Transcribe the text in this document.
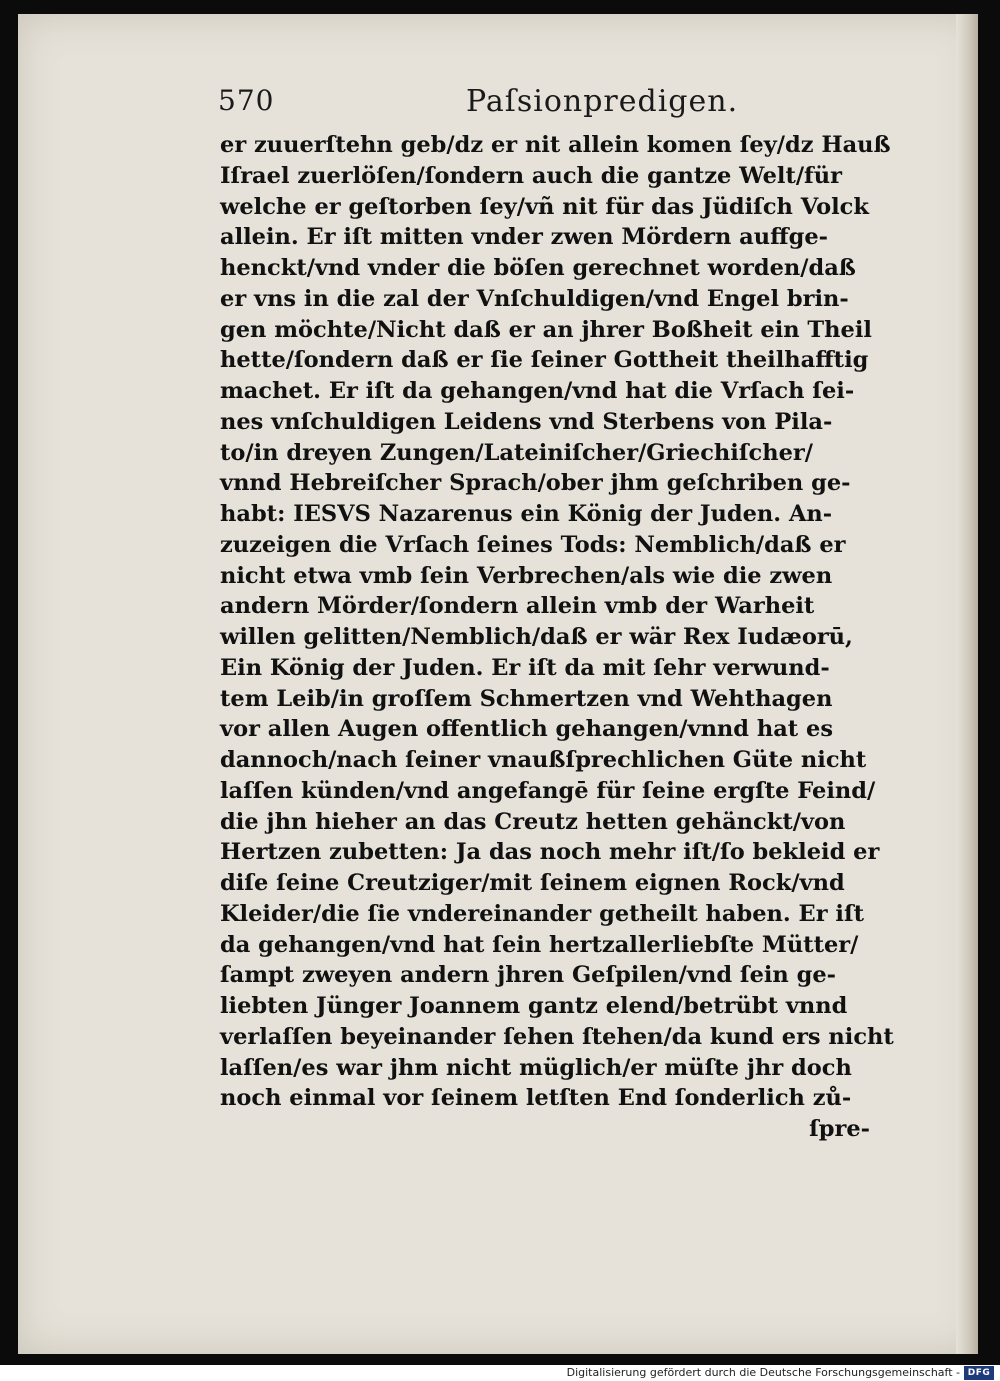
570	Paſsionpredigen.
er zuuerſtehn geb/dz er nit allein komen ſey/dz Hauß
Iſrael zuerlöſen/ſondern auch die gantze Welt/für
welche er geſtorben ſey/vñ nit für das Jüdiſch Volck
allein. Er iſt mitten vnder zwen Mördern auffge-
henckt/vnd vnder die böſen gerechnet worden/daß
er vns in die zal der Vnſchuldigen/vnd Engel brin-
gen möchte/Nicht daß er an jhrer Boßheit ein Theil
hette/ſondern daß er ſie ſeiner Gottheit theilhafftig
machet. Er iſt da gehangen/vnd hat die Vrſach ſei-
nes vnſchuldigen Leidens vnd Sterbens von Pila-
to/in dreyen Zungen/Lateiniſcher/Griechiſcher/
vnnd Hebreiſcher Sprach/ober jhm geſchriben ge-
habt: IESVS Nazarenus ein König der Juden. An-
zuzeigen die Vrſach ſeines Tods: Nemblich/daß er
nicht etwa vmb ſein Verbrechen/als wie die zwen
andern Mörder/ſondern allein vmb der Warheit
willen gelitten/Nemblich/daß er wär Rex Iudæorū,
Ein König der Juden. Er iſt da mit ſehr verwund-
tem Leib/in groſſem Schmertzen vnd Wehthagen
vor allen Augen offentlich gehangen/vnnd hat es
dannoch/nach ſeiner vnaußſprechlichen Güte nicht
laſſen künden/vnd angefangē für ſeine ergſte Feind/
die jhn hieher an das Creutz hetten gehänckt/von
Hertzen zubetten: Ja das noch mehr iſt/ſo bekleid er
diſe ſeine Creutziger/mit ſeinem eignen Rock/vnd
Kleider/die ſie vndereinander getheilt haben. Er iſt
da gehangen/vnd hat ſein hertzallerliebſte Mütter/
ſampt zweyen andern jhren Geſpilen/vnd ſein ge-
liebten Jünger Joannem gantz elend/betrübt vnnd
verlaſſen beyeinander ſehen ſtehen/da kund ers nicht
laſſen/es war jhm nicht müglich/er müſte jhr doch
noch einmal vor ſeinem letſten End ſonderlich zů-
ſpre-
Digitalisierung gefördert durch die Deutsche Forschungsgemeinschaft - DFG
